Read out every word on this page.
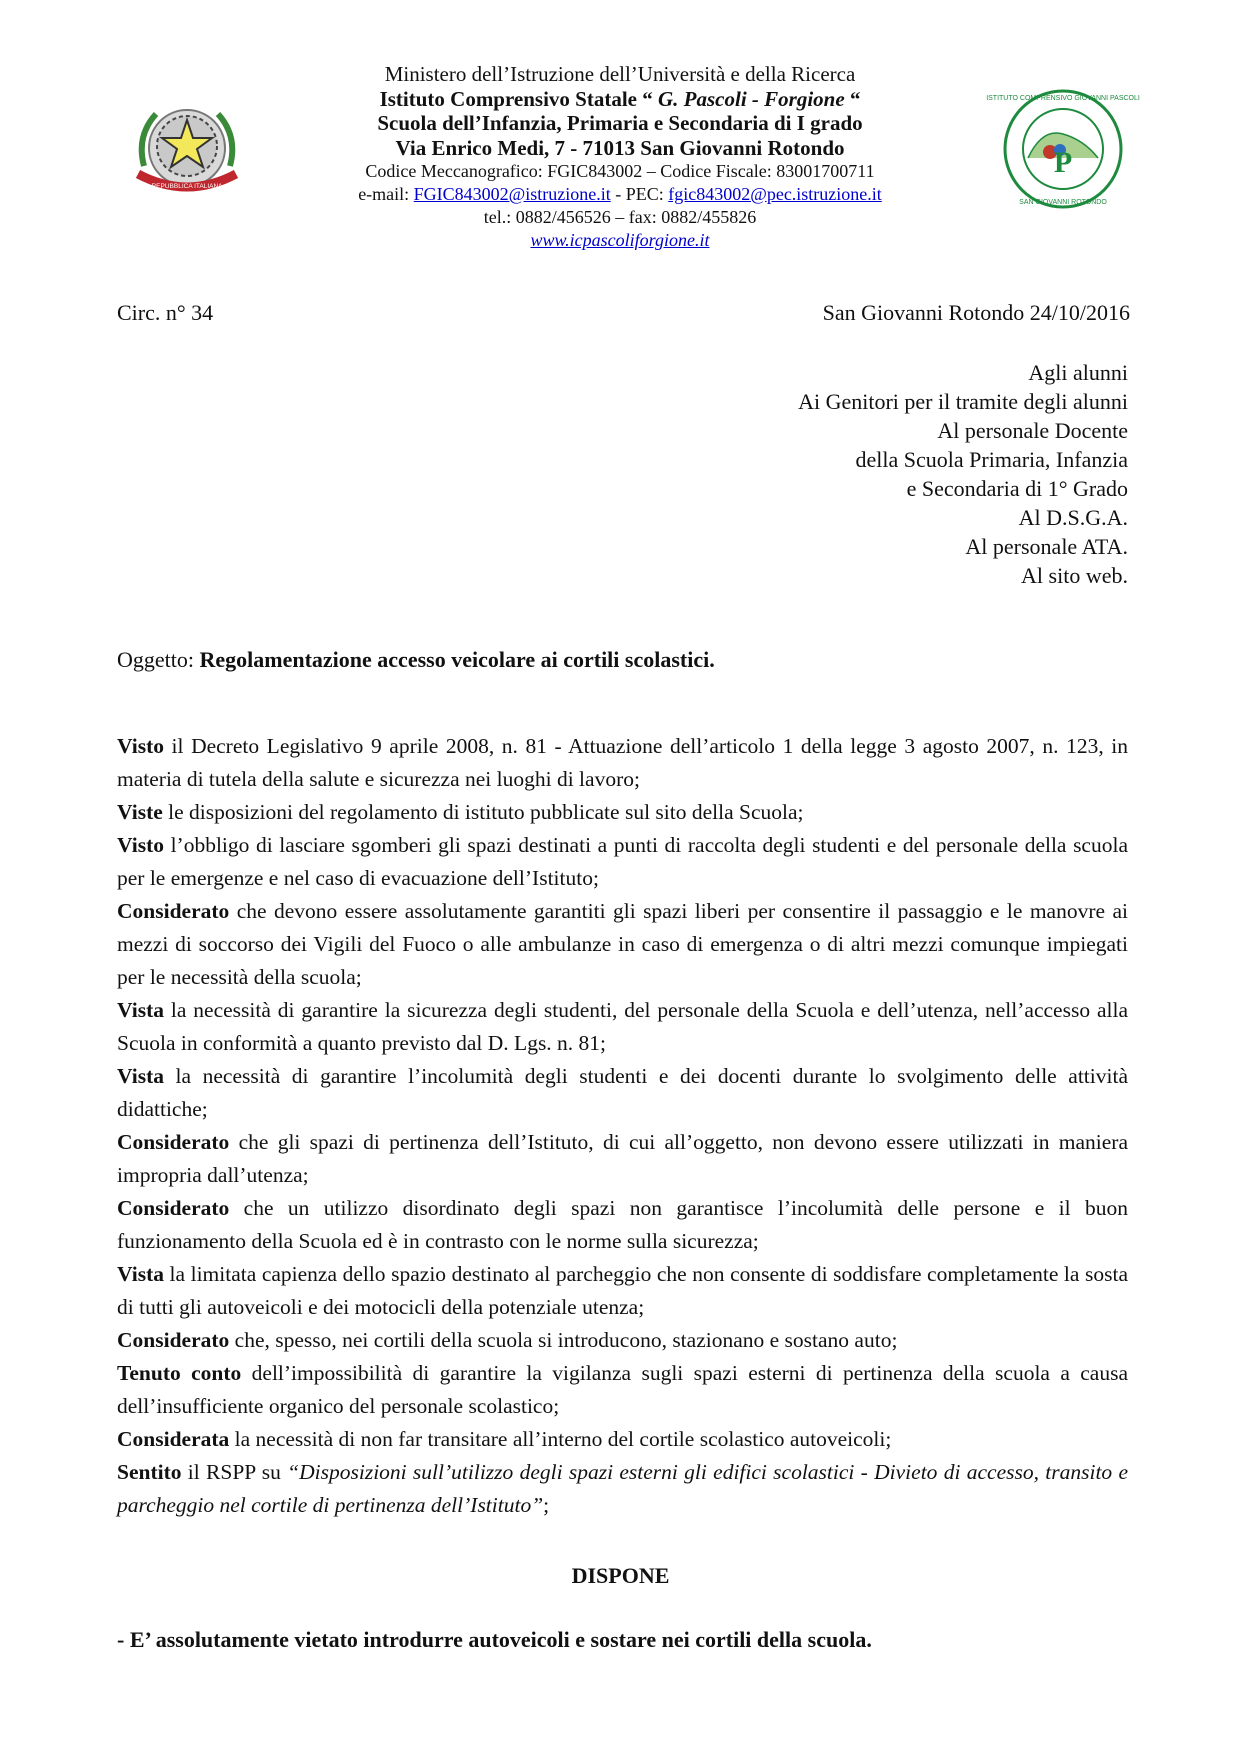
REPUBBLICA ITALIANA
P
ISTITUTO COMPRENSIVO GIOVANNI PASCOLI
SAN GIOVANNI ROTONDO
Ministero dell’Istruzione dell’Università e della Ricerca
Istituto Comprensivo Statale “ G. Pascoli - Forgione “
Scuola dell’Infanzia, Primaria e Secondaria di I grado
Via Enrico Medi, 7 - 71013 San Giovanni Rotondo
Codice Meccanografico: FGIC843002 – Codice Fiscale: 83001700711
e-mail: FGIC843002@istruzione.it - PEC: fgic843002@pec.istruzione.it
tel.: 0882/456526 – fax: 0882/455826
www.icpascoliforgione.it
Circ. n° 34	San Giovanni Rotondo 24/10/2016
Agli alunni
Ai Genitori per il tramite degli alunni
Al personale Docente
della Scuola Primaria, Infanzia
e Secondaria di 1° Grado
Al D.S.G.A.
Al personale ATA.
Al sito web.
Oggetto: Regolamentazione accesso veicolare ai cortili scolastici.

Visto il Decreto Legislativo 9 aprile 2008, n. 81 - Attuazione dell’articolo 1 della legge 3 agosto 2007, n. 123, in materia di tutela della salute e sicurezza nei luoghi di lavoro;

Viste le disposizioni del regolamento di istituto pubblicate sul sito della Scuola;

Visto l’obbligo di lasciare sgomberi gli spazi destinati a punti di raccolta degli studenti e del personale della scuola per le emergenze e nel caso di evacuazione dell’Istituto;

Considerato che devono essere assolutamente garantiti gli spazi liberi per consentire il passaggio e le manovre ai mezzi di soccorso dei Vigili del Fuoco o alle ambulanze in caso di emergenza o di altri mezzi comunque impiegati per le necessità della scuola;

Vista la necessità di garantire la sicurezza degli studenti, del personale della Scuola e dell’utenza, nell’accesso alla Scuola in conformità a quanto previsto dal D. Lgs. n. 81;

Vista la necessità di garantire l’incolumità degli studenti e dei docenti durante lo svolgimento delle attività didattiche;

Considerato che gli spazi di pertinenza dell’Istituto, di cui all’oggetto, non devono essere utilizzati in maniera impropria dall’utenza;

Considerato che un utilizzo disordinato degli spazi non garantisce l’incolumità delle persone e il buon funzionamento della Scuola ed è in contrasto con le norme sulla sicurezza;

Vista la limitata capienza dello spazio destinato al parcheggio che non consente di soddisfare completamente la sosta di tutti gli autoveicoli e dei motocicli della potenziale utenza;

Considerato che, spesso, nei cortili della scuola si introducono, stazionano e sostano auto;

Tenuto conto dell’impossibilità di garantire la vigilanza sugli spazi esterni di pertinenza della scuola a causa dell’insufficiente organico del personale scolastico;

Considerata la necessità di non far transitare all’interno del cortile scolastico autoveicoli;

Sentito il RSPP su “Disposizioni sull’utilizzo degli spazi esterni gli edifici scolastici - Divieto di accesso, transito e parcheggio nel cortile di pertinenza dell’Istituto”;

DISPONE
- E’ assolutamente vietato introdurre autoveicoli e sostare nei cortili della scuola.
